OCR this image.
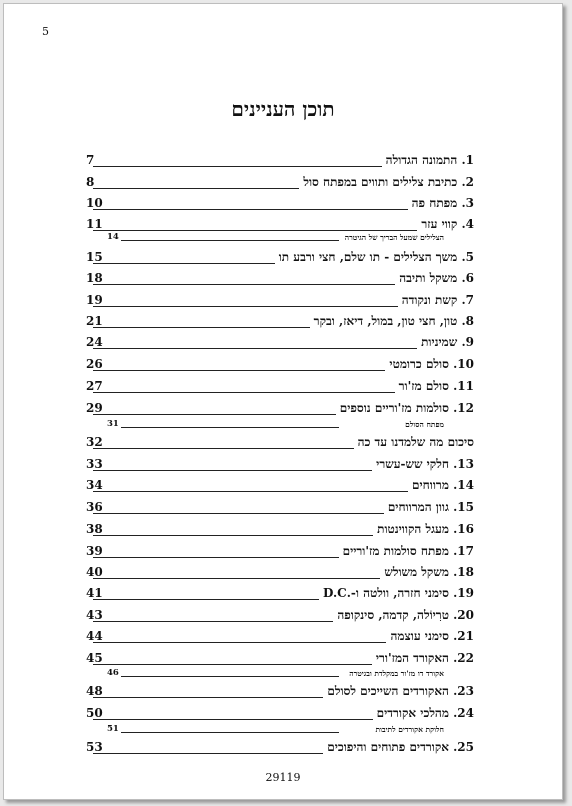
5
תוכן העניינים
7	1. התמונה הגדולה
8	2. כתיבת צלילים ותווים במפתח סול
10	3. מפתח פה
11	4. קווי עזר
14	הצלילים שמעל הבריך של הגיטרה
15	5. משך הצלילים - תו שלם, חצי ורבע תו
18	6. משקל ותיבה
19	7. קשת ונקודה
21	8. טון, חצי טון, במול, דיאז, ובקר
24	9. שמיניות
26	10. סולם כרומטי
27	11. סולם מז'ור
29	12. סולמות מז'וריים נוספים
31	מפתח הסולם
32	סיכום מה שלמדנו עד כה
33	13. חלקי שש-עשרי
34	14. מרווחים
36	15. גוון המרווחים
38	16. מעגל הקווינטות
39	17. מפתח סולמות מז'וריים
40	18. משקל משולש
41	19. סימני חזרה, וולטה ו-.D.C
43	20. טרִיוֹלה, קדמה, סינקופה
44	21. סימני עוצמה
45	22. האקורד המז'ורי
46	אקורד דו מז'ור במקלדת ובגיטרה
48	23. האקורדים השייכים לסולם
50	24. מהלכי אקורדים
51	חלוקת אקורדים לתיבות
53	25. אקורדים פתוחים והיפוכים
29119
